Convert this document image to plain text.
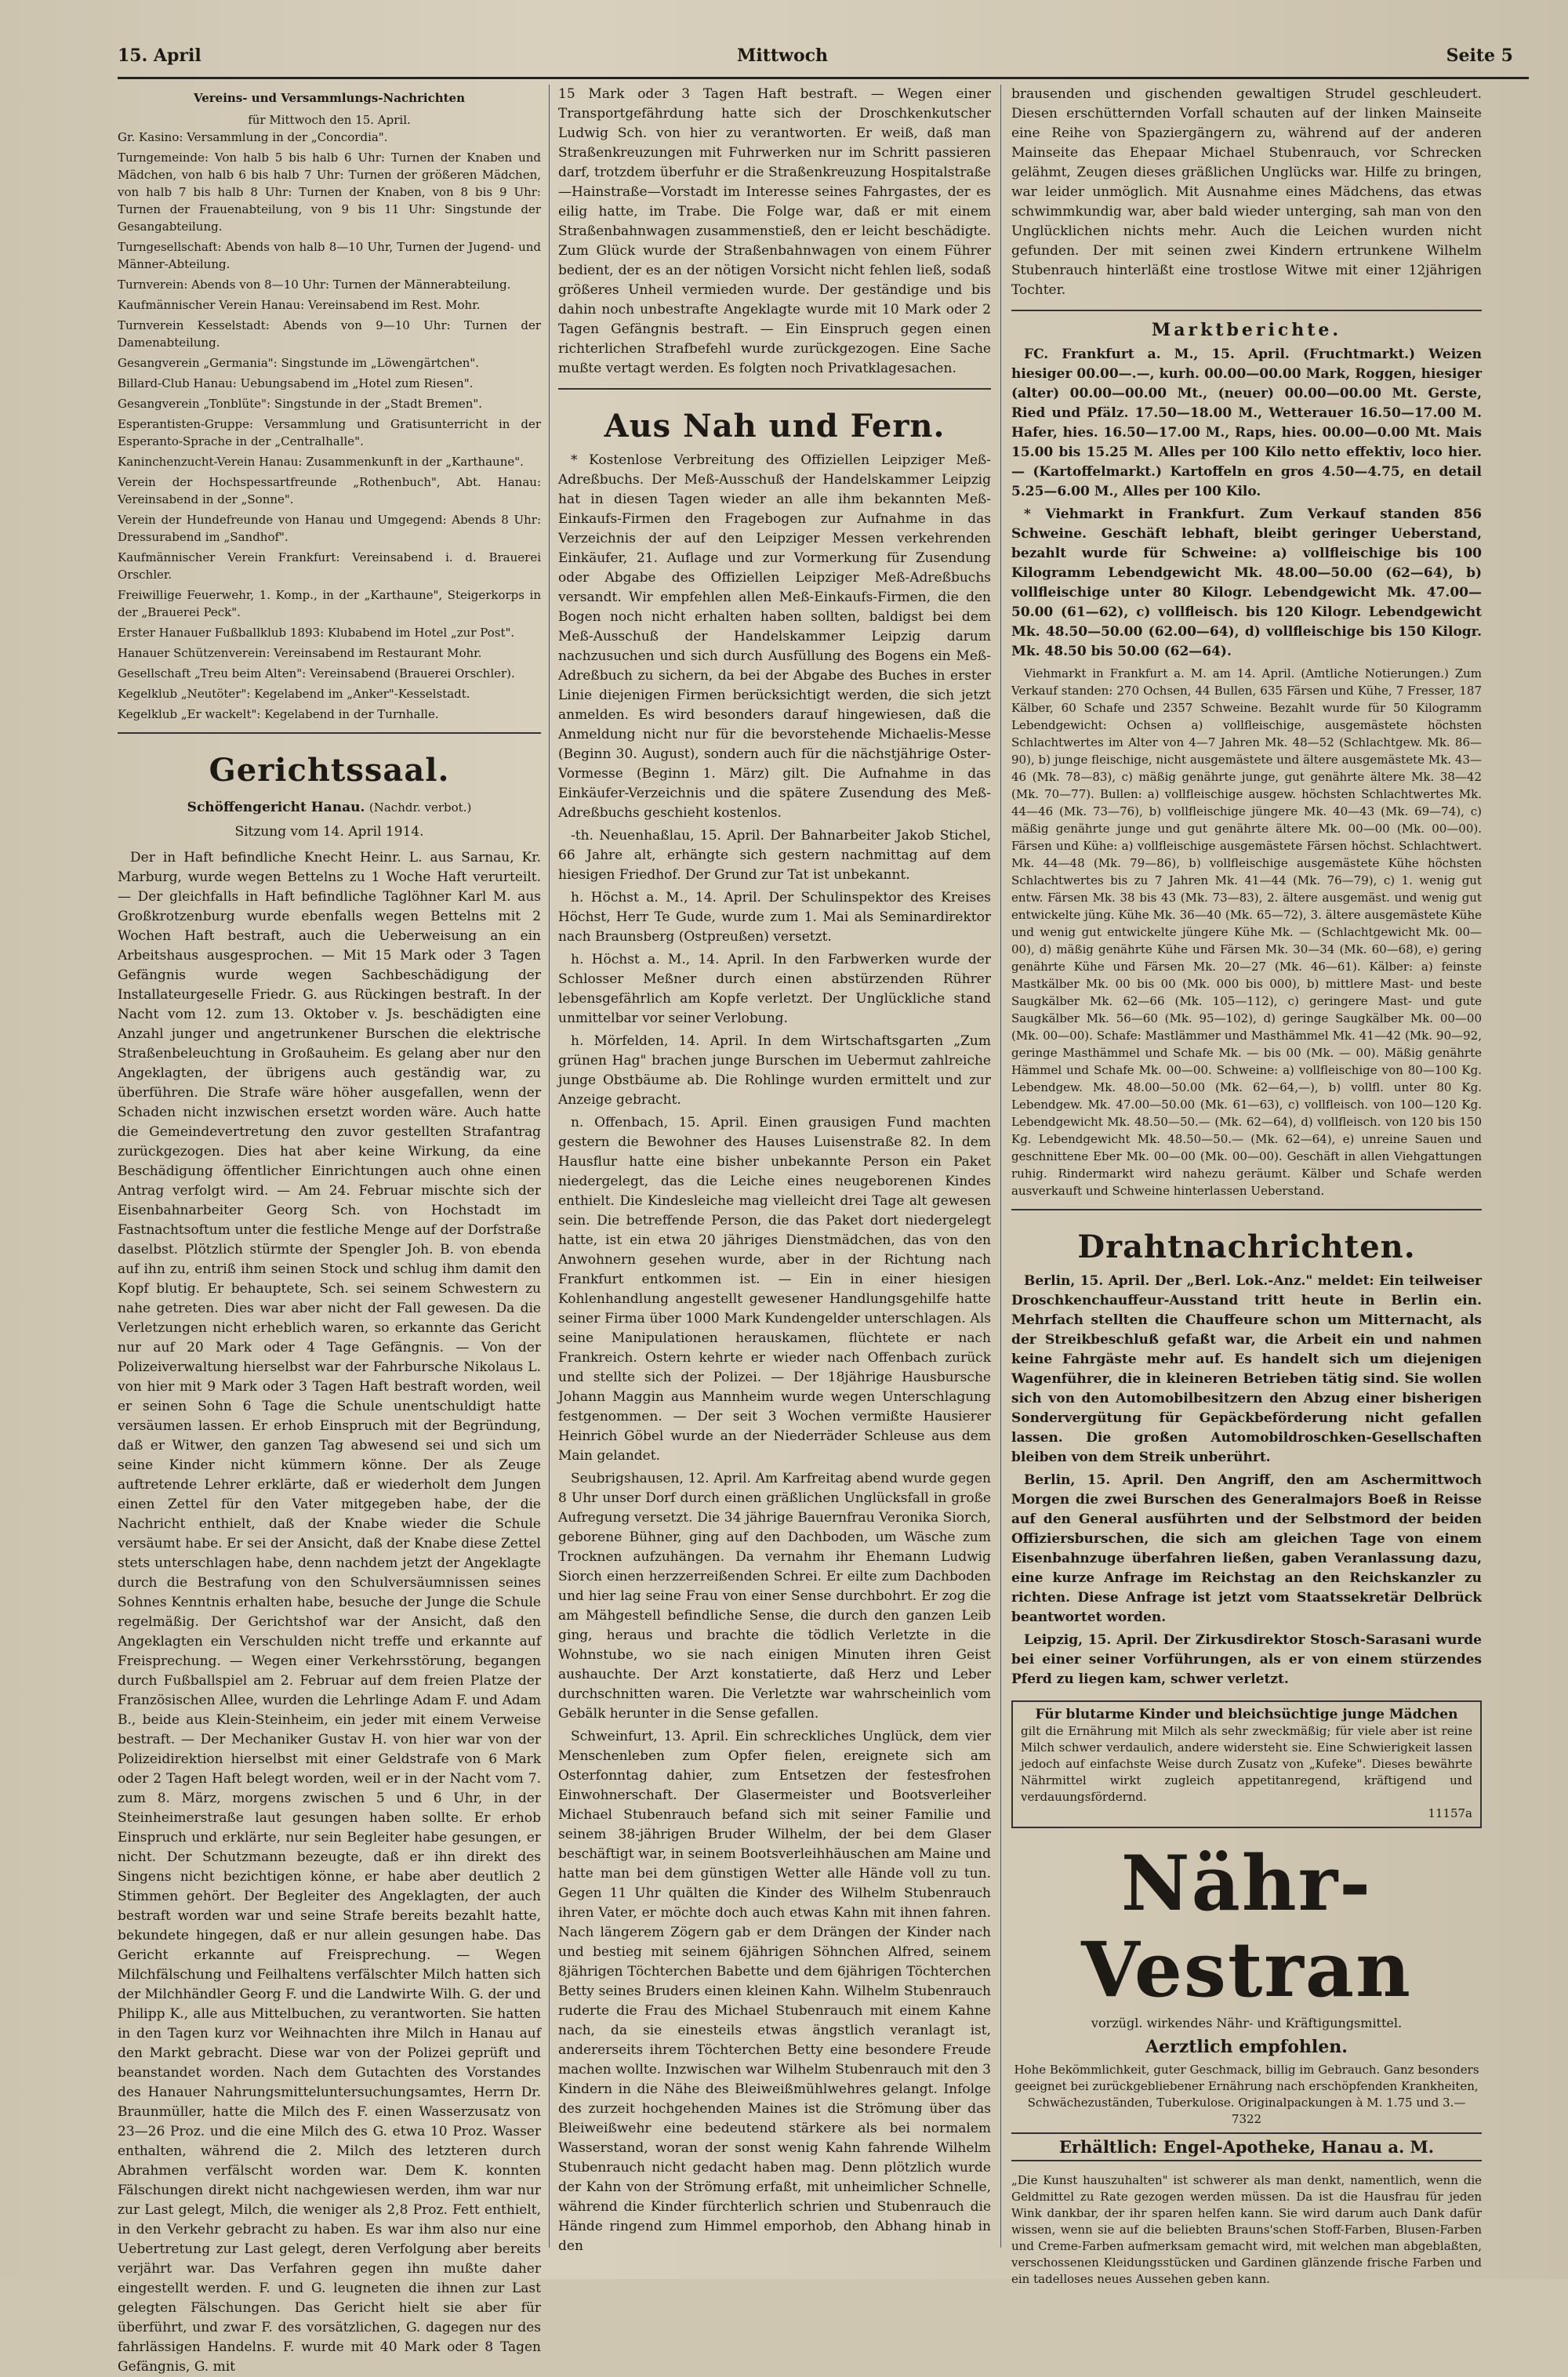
15. April	Mittwoch	Seite 5
Vereins- und Versammlungs-Nachrichten
für Mittwoch den 15. April.

Gr. Kasino: Versammlung in der „Concordia".

Turngemeinde: Von halb 5 bis halb 6 Uhr: Turnen der Knaben und Mädchen, von halb 6 bis halb 7 Uhr: Turnen der größeren Mädchen, von halb 7 bis halb 8 Uhr: Turnen der Knaben, von 8 bis 9 Uhr: Turnen der Frauenabteilung, von 9 bis 11 Uhr: Singstunde der Gesangabteilung.

Turngesellschaft: Abends von halb 8—10 Uhr, Turnen der Jugend- und Männer-Abteilung.

Turnverein: Abends von 8—10 Uhr: Turnen der Männerabteilung.

Kaufmännischer Verein Hanau: Vereinsabend im Rest. Mohr.

Turnverein Kesselstadt: Abends von 9—10 Uhr: Turnen der Damenabteilung.

Gesangverein „Germania": Singstunde im „Löwengärtchen".

Billard-Club Hanau: Uebungsabend im „Hotel zum Riesen".

Gesangverein „Tonblüte": Singstunde in der „Stadt Bremen".

Esperantisten-Gruppe: Versammlung und Gratisunterricht in der Esperanto-Sprache in der „Centralhalle".

Kaninchenzucht-Verein Hanau: Zusammenkunft in der „Karthaune".

Verein der Hochspessartfreunde „Rothenbuch", Abt. Hanau: Vereinsabend in der „Sonne".

Verein der Hundefreunde von Hanau und Umgegend: Abends 8 Uhr: Dressurabend im „Sandhof".

Kaufmännischer Verein Frankfurt: Vereinsabend i. d. Brauerei Orschler.

Freiwillige Feuerwehr, 1. Komp., in der „Karthaune", Steigerkorps in der „Brauerei Peck".

Erster Hanauer Fußballklub 1893: Klubabend im Hotel „zur Post".

Hanauer Schützenverein: Vereinsabend im Restaurant Mohr.

Gesellschaft „Treu beim Alten": Vereinsabend (Brauerei Orschler).

Kegelklub „Neutöter": Kegelabend im „Anker"-Kesselstadt.

Kegelklub „Er wackelt": Kegelabend in der Turnhalle.

Gerichtssaal.
Schöffengericht Hanau. (Nachdr. verbot.)
Sitzung vom 14. April 1914.

Der in Haft befindliche Knecht Heinr. L. aus Sarnau, Kr. Marburg, wurde wegen Bettelns zu 1 Woche Haft verurteilt. — Der gleichfalls in Haft befindliche Taglöhner Karl M. aus Großkrotzenburg wurde ebenfalls wegen Bettelns mit 2 Wochen Haft bestraft, auch die Ueberweisung an ein Arbeitshaus ausgesprochen. — Mit 15 Mark oder 3 Tagen Gefängnis wurde wegen Sachbeschädigung der Installateurgeselle Friedr. G. aus Rückingen bestraft. In der Nacht vom 12. zum 13. Oktober v. Js. beschädigten eine Anzahl junger und angetrunkener Burschen die elektrische Straßenbeleuchtung in Großauheim. Es gelang aber nur den Angeklagten, der übrigens auch geständig war, zu überführen. Die Strafe wäre höher ausgefallen, wenn der Schaden nicht inzwischen ersetzt worden wäre. Auch hatte die Gemeindevertretung den zuvor gestellten Strafantrag zurückgezogen. Dies hat aber keine Wirkung, da eine Beschädigung öffentlicher Einrichtungen auch ohne einen Antrag verfolgt wird. — Am 24. Februar mischte sich der Eisenbahnarbeiter Georg Sch. von Hochstadt im Fastnachtsoftum unter die festliche Menge auf der Dorfstraße daselbst. Plötzlich stürmte der Spengler Joh. B. von ebenda auf ihn zu, entriß ihm seinen Stock und schlug ihm damit den Kopf blutig. Er behauptete, Sch. sei seinem Schwestern zu nahe getreten. Dies war aber nicht der Fall gewesen. Da die Verletzungen nicht erheblich waren, so erkannte das Gericht nur auf 20 Mark oder 4 Tage Gefängnis. — Von der Polizeiverwaltung hierselbst war der Fahrbursche Nikolaus L. von hier mit 9 Mark oder 3 Tagen Haft bestraft worden, weil er seinen Sohn 6 Tage die Schule unentschuldigt hatte versäumen lassen. Er erhob Einspruch mit der Begründung, daß er Witwer, den ganzen Tag abwesend sei und sich um seine Kinder nicht kümmern könne. Der als Zeuge auftretende Lehrer erklärte, daß er wiederholt dem Jungen einen Zettel für den Vater mitgegeben habe, der die Nachricht enthielt, daß der Knabe wieder die Schule versäumt habe. Er sei der Ansicht, daß der Knabe diese Zettel stets unterschlagen habe, denn nachdem jetzt der Angeklagte durch die Bestrafung von den Schulversäumnissen seines Sohnes Kenntnis erhalten habe, besuche der Junge die Schule regelmäßig. Der Gerichtshof war der Ansicht, daß den Angeklagten ein Verschulden nicht treffe und erkannte auf Freisprechung. — Wegen einer Verkehrsstörung, begangen durch Fußballspiel am 2. Februar auf dem freien Platze der Französischen Allee, wurden die Lehrlinge Adam F. und Adam B., beide aus Klein-Steinheim, ein jeder mit einem Verweise bestraft. — Der Mechaniker Gustav H. von hier war von der Polizeidirektion hierselbst mit einer Geldstrafe von 6 Mark oder 2 Tagen Haft belegt worden, weil er in der Nacht vom 7. zum 8. März, morgens zwischen 5 und 6 Uhr, in der Steinheimerstraße laut gesungen haben sollte. Er erhob Einspruch und erklärte, nur sein Begleiter habe gesungen, er nicht. Der Schutzmann bezeugte, daß er ihn direkt des Singens nicht bezichtigen könne, er habe aber deutlich 2 Stimmen gehört. Der Begleiter des Angeklagten, der auch bestraft worden war und seine Strafe bereits bezahlt hatte, bekundete hingegen, daß er nur allein gesungen habe. Das Gericht erkannte auf Freisprechung. — Wegen Milchfälschung und Feilhaltens verfälschter Milch hatten sich der Milchhändler Georg F. und die Landwirte Wilh. G. der und Philipp K., alle aus Mittelbuchen, zu verantworten. Sie hatten in den Tagen kurz vor Weihnachten ihre Milch in Hanau auf den Markt gebracht. Diese war von der Polizei geprüft und beanstandet worden. Nach dem Gutachten des Vorstandes des Hanauer Nahrungsmitteluntersuchungsamtes, Herrn Dr. Braunmüller, hatte die Milch des F. einen Wasserzusatz von 23—26 Proz. und die eine Milch des G. etwa 10 Proz. Wasser enthalten, während die 2. Milch des letzteren durch Abrahmen verfälscht worden war. Dem K. konnten Fälschungen direkt nicht nachgewiesen werden, ihm war nur zur Last gelegt, Milch, die weniger als 2,8 Proz. Fett enthielt, in den Verkehr gebracht zu haben. Es war ihm also nur eine Uebertretung zur Last gelegt, deren Verfolgung aber bereits verjährt war. Das Verfahren gegen ihn mußte daher eingestellt werden. F. und G. leugneten die ihnen zur Last gelegten Fälschungen. Das Gericht hielt sie aber für überführt, und zwar F. des vorsätzlichen, G. dagegen nur des fahrlässigen Handelns. F. wurde mit 40 Mark oder 8 Tagen Gefängnis, G. mit

15 Mark oder 3 Tagen Haft bestraft. — Wegen einer Transportgefährdung hatte sich der Droschkenkutscher Ludwig Sch. von hier zu verantworten. Er weiß, daß man Straßenkreuzungen mit Fuhrwerken nur im Schritt passieren darf, trotzdem überfuhr er die Straßenkreuzung Hospitalstraße—Hainstraße—Vorstadt im Interesse seines Fahrgastes, der es eilig hatte, im Trabe. Die Folge war, daß er mit einem Straßenbahnwagen zusammenstieß, den er leicht beschädigte. Zum Glück wurde der Straßenbahnwagen von einem Führer bedient, der es an der nötigen Vorsicht nicht fehlen ließ, sodaß größeres Unheil vermieden wurde. Der geständige und bis dahin noch unbestrafte Angeklagte wurde mit 10 Mark oder 2 Tagen Gefängnis bestraft. — Ein Einspruch gegen einen richterlichen Strafbefehl wurde zurückgezogen. Eine Sache mußte vertagt werden. Es folgten noch Privatklagesachen.

Aus Nah und Fern.

* Kostenlose Verbreitung des Offiziellen Leipziger Meß-Adreßbuchs. Der Meß-Ausschuß der Handelskammer Leipzig hat in diesen Tagen wieder an alle ihm bekannten Meß-Einkaufs-Firmen den Fragebogen zur Aufnahme in das Verzeichnis der auf den Leipziger Messen verkehrenden Einkäufer, 21. Auflage und zur Vormerkung für Zusendung oder Abgabe des Offiziellen Leipziger Meß-Adreßbuchs versandt. Wir empfehlen allen Meß-Einkaufs-Firmen, die den Bogen noch nicht erhalten haben sollten, baldigst bei dem Meß-Ausschuß der Handelskammer Leipzig darum nachzusuchen und sich durch Ausfüllung des Bogens ein Meß-Adreßbuch zu sichern, da bei der Abgabe des Buches in erster Linie diejenigen Firmen berücksichtigt werden, die sich jetzt anmelden. Es wird besonders darauf hingewiesen, daß die Anmeldung nicht nur für die bevorstehende Michaelis-Messe (Beginn 30. August), sondern auch für die nächstjährige Oster-Vormesse (Beginn 1. März) gilt. Die Aufnahme in das Einkäufer-Verzeichnis und die spätere Zusendung des Meß-Adreßbuchs geschieht kostenlos.

-th. Neuenhaßlau, 15. April. Der Bahnarbeiter Jakob Stichel, 66 Jahre alt, erhängte sich gestern nachmittag auf dem hiesigen Friedhof. Der Grund zur Tat ist unbekannt.

h. Höchst a. M., 14. April. Der Schulinspektor des Kreises Höchst, Herr Te Gude, wurde zum 1. Mai als Seminardirektor nach Braunsberg (Ostpreußen) versetzt.

h. Höchst a. M., 14. April. In den Farbwerken wurde der Schlosser Meßner durch einen abstürzenden Rührer lebensgefährlich am Kopfe verletzt. Der Unglückliche stand unmittelbar vor seiner Verlobung.

h. Mörfelden, 14. April. In dem Wirtschaftsgarten „Zum grünen Hag" brachen junge Burschen im Uebermut zahlreiche junge Obstbäume ab. Die Rohlinge wurden ermittelt und zur Anzeige gebracht.

n. Offenbach, 15. April. Einen grausigen Fund machten gestern die Bewohner des Hauses Luisenstraße 82. In dem Hausflur hatte eine bisher unbekannte Person ein Paket niedergelegt, das die Leiche eines neugeborenen Kindes enthielt. Die Kindesleiche mag vielleicht drei Tage alt gewesen sein. Die betreffende Person, die das Paket dort niedergelegt hatte, ist ein etwa 20 jähriges Dienstmädchen, das von den Anwohnern gesehen wurde, aber in der Richtung nach Frankfurt entkommen ist. — Ein in einer hiesigen Kohlenhandlung angestellt gewesener Handlungsgehilfe hatte seiner Firma über 1000 Mark Kundengelder unterschlagen. Als seine Manipulationen herauskamen, flüchtete er nach Frankreich. Ostern kehrte er wieder nach Offenbach zurück und stellte sich der Polizei. — Der 18jährige Hausbursche Johann Maggin aus Mannheim wurde wegen Unterschlagung festgenommen. — Der seit 3 Wochen vermißte Hausierer Heinrich Göbel wurde an der Niederräder Schleuse aus dem Main gelandet.

Seubrigshausen, 12. April. Am Karfreitag abend wurde gegen 8 Uhr unser Dorf durch einen gräßlichen Unglücksfall in große Aufregung versetzt. Die 34 jährige Bauernfrau Veronika Siorch, geborene Bühner, ging auf den Dachboden, um Wäsche zum Trocknen aufzuhängen. Da vernahm ihr Ehemann Ludwig Siorch einen herzzerreißenden Schrei. Er eilte zum Dachboden und hier lag seine Frau von einer Sense durchbohrt. Er zog die am Mähgestell befindliche Sense, die durch den ganzen Leib ging, heraus und brachte die tödlich Verletzte in die Wohnstube, wo sie nach einigen Minuten ihren Geist aushauchte. Der Arzt konstatierte, daß Herz und Leber durchschnitten waren. Die Verletzte war wahrscheinlich vom Gebälk herunter in die Sense gefallen.

Schweinfurt, 13. April. Ein schreckliches Unglück, dem vier Menschenleben zum Opfer fielen, ereignete sich am Osterfonntag dahier, zum Entsetzen der festesfrohen Einwohnerschaft. Der Glasermeister und Bootsverleiher Michael Stubenrauch befand sich mit seiner Familie und seinem 38-jährigen Bruder Wilhelm, der bei dem Glaser beschäftigt war, in seinem Bootsverleihhäuschen am Maine und hatte man bei dem günstigen Wetter alle Hände voll zu tun. Gegen 11 Uhr quälten die Kinder des Wilhelm Stubenrauch ihren Vater, er möchte doch auch etwas Kahn mit ihnen fahren. Nach längerem Zögern gab er dem Drängen der Kinder nach und bestieg mit seinem 6jährigen Söhnchen Alfred, seinem 8jährigen Töchterchen Babette und dem 6jährigen Töchterchen Betty seines Bruders einen kleinen Kahn. Wilhelm Stubenrauch ruderte die Frau des Michael Stubenrauch mit einem Kahne nach, da sie einesteils etwas ängstlich veranlagt ist, andererseits ihrem Töchterchen Betty eine besondere Freude machen wollte. Inzwischen war Wilhelm Stubenrauch mit den 3 Kindern in die Nähe des Bleiweißmühlwehres gelangt. Infolge des zurzeit hochgehenden Maines ist die Strömung über das Bleiweißwehr eine bedeutend stärkere als bei normalem Wasserstand, woran der sonst wenig Kahn fahrende Wilhelm Stubenrauch nicht gedacht haben mag. Denn plötzlich wurde der Kahn von der Strömung erfaßt, mit unheimlicher Schnelle, während die Kinder fürchterlich schrien und Stubenrauch die Hände ringend zum Himmel emporhob, den Abhang hinab in den

brausenden und gischenden gewaltigen Strudel geschleudert. Diesen erschütternden Vorfall schauten auf der linken Mainseite eine Reihe von Spaziergängern zu, während auf der anderen Mainseite das Ehepaar Michael Stubenrauch, vor Schrecken gelähmt, Zeugen dieses gräßlichen Unglücks war. Hilfe zu bringen, war leider unmöglich. Mit Ausnahme eines Mädchens, das etwas schwimmkundig war, aber bald wieder unterging, sah man von den Unglücklichen nichts mehr. Auch die Leichen wurden nicht gefunden. Der mit seinen zwei Kindern ertrunkene Wilhelm Stubenrauch hinterläßt eine trostlose Witwe mit einer 12jährigen Tochter.

Marktberichte.

FC. Frankfurt a. M., 15. April. (Fruchtmarkt.) Weizen hiesiger 00.00—.—, kurh. 00.00—00.00 Mark, Roggen, hiesiger (alter) 00.00—00.00 Mt., (neuer) 00.00—00.00 Mt. Gerste, Ried und Pfälz. 17.50—18.00 M., Wetterauer 16.50—17.00 M. Hafer, hies. 16.50—17.00 M., Raps, hies. 00.00—0.00 Mt. Mais 15.00 bis 15.25 M. Alles per 100 Kilo netto effektiv, loco hier. — (Kartoffelmarkt.) Kartoffeln en gros 4.50—4.75, en detail 5.25—6.00 M., Alles per 100 Kilo.

* Viehmarkt in Frankfurt. Zum Verkauf standen 856 Schweine. Geschäft lebhaft, bleibt geringer Ueberstand, bezahlt wurde für Schweine: a) vollfleischige bis 100 Kilogramm Lebendgewicht Mk. 48.00—50.00 (62—64), b) vollfleischige unter 80 Kilogr. Lebendgewicht Mk. 47.00—50.00 (61—62), c) vollfleisch. bis 120 Kilogr. Lebendgewicht Mk. 48.50—50.00 (62.00—64), d) vollfleischige bis 150 Kilogr. Mk. 48.50 bis 50.00 (62—64).

Viehmarkt in Frankfurt a. M. am 14. April. (Amtliche Notierungen.) Zum Verkauf standen: 270 Ochsen, 44 Bullen, 635 Färsen und Kühe, 7 Fresser, 187 Kälber, 60 Schafe und 2357 Schweine. Bezahlt wurde für 50 Kilogramm Lebendgewicht: Ochsen a) vollfleischige, ausgemästete höchsten Schlachtwertes im Alter von 4—7 Jahren Mk. 48—52 (Schlachtgew. Mk. 86—90), b) junge fleischige, nicht ausgemästete und ältere ausgemästete Mk. 43—46 (Mk. 78—83), c) mäßig genährte junge, gut genährte ältere Mk. 38—42 (Mk. 70—77). Bullen: a) vollfleischige ausgew. höchsten Schlachtwertes Mk. 44—46 (Mk. 73—76), b) vollfleischige jüngere Mk. 40—43 (Mk. 69—74), c) mäßig genährte junge und gut genährte ältere Mk. 00—00 (Mk. 00—00). Färsen und Kühe: a) vollfleischige ausgemästete Färsen höchst. Schlachtwert. Mk. 44—48 (Mk. 79—86), b) vollfleischige ausgemästete Kühe höchsten Schlachtwertes bis zu 7 Jahren Mk. 41—44 (Mk. 76—79), c) 1. wenig gut entw. Färsen Mk. 38 bis 43 (Mk. 73—83), 2. ältere ausgemäst. und wenig gut entwickelte jüng. Kühe Mk. 36—40 (Mk. 65—72), 3. ältere ausgemästete Kühe und wenig gut entwickelte jüngere Kühe Mk. — (Schlachtgewicht Mk. 00—00), d) mäßig genährte Kühe und Färsen Mk. 30—34 (Mk. 60—68), e) gering genährte Kühe und Färsen Mk. 20—27 (Mk. 46—61). Kälber: a) feinste Mastkälber Mk. 00 bis 00 (Mk. 000 bis 000), b) mittlere Mast- und beste Saugkälber Mk. 62—66 (Mk. 105—112), c) geringere Mast- und gute Saugkälber Mk. 56—60 (Mk. 95—102), d) geringe Saugkälber Mk. 00—00 (Mk. 00—00). Schafe: Mastlämmer und Masthämmel Mk. 41—42 (Mk. 90—92, geringe Masthämmel und Schafe Mk. — bis 00 (Mk. — 00). Mäßig genährte Hämmel und Schafe Mk. 00—00. Schweine: a) vollfleischige von 80—100 Kg. Lebendgew. Mk. 48.00—50.00 (Mk. 62—64,—), b) vollfl. unter 80 Kg. Lebendgew. Mk. 47.00—50.00 (Mk. 61—63), c) vollfleisch. von 100—120 Kg. Lebendgewicht Mk. 48.50—50.— (Mk. 62—64), d) vollfleisch. von 120 bis 150 Kg. Lebendgewicht Mk. 48.50—50.— (Mk. 62—64), e) unreine Sauen und geschnittene Eber Mk. 00—00 (Mk. 00—00). Geschäft in allen Viehgattungen ruhig. Rindermarkt wird nahezu geräumt. Kälber und Schafe werden ausverkauft und Schweine hinterlassen Ueberstand.

Drahtnachrichten.

Berlin, 15. April. Der „Berl. Lok.-Anz." meldet: Ein teilweiser Droschkenchauffeur-Ausstand tritt heute in Berlin ein. Mehrfach stellten die Chauffeure schon um Mitternacht, als der Streikbeschluß gefaßt war, die Arbeit ein und nahmen keine Fahrgäste mehr auf. Es handelt sich um diejenigen Wagenführer, die in kleineren Betrieben tätig sind. Sie wollen sich von den Automobilbesitzern den Abzug einer bisherigen Sondervergütung für Gepäckbeförderung nicht gefallen lassen. Die großen Automobildroschken-Gesellschaften bleiben von dem Streik unberührt.

Berlin, 15. April. Den Angriff, den am Aschermittwoch Morgen die zwei Burschen des Generalmajors Boeß in Reisse auf den General ausführten und der Selbstmord der beiden Offiziersburschen, die sich am gleichen Tage von einem Eisenbahnzuge überfahren ließen, gaben Veranlassung dazu, eine kurze Anfrage im Reichstag an den Reichskanzler zu richten. Diese Anfrage ist jetzt vom Staatssekretär Delbrück beantwortet worden.

Leipzig, 15. April. Der Zirkusdirektor Stosch-Sarasani wurde bei einer seiner Vorführungen, als er von einem stürzendes Pferd zu liegen kam, schwer verletzt.

Für blutarme Kinder und bleichsüchtige junge Mädchen
gilt die Ernährung mit Milch als sehr zweckmäßig; für viele aber ist reine Milch schwer verdaulich, andere widersteht sie. Eine Schwierigkeit lassen jedoch auf einfachste Weise durch Zusatz von „Kufeke". Dieses bewährte Nährmittel wirkt zugleich appetitanregend, kräftigend und verdauungsfördernd.
11157a
Nähr-Vestran
vorzügl. wirkendes Nähr- und Kräftigungsmittel.
Aerztlich empfohlen.
Hohe Bekömmlichkeit, guter Geschmack, billig im Gebrauch. Ganz besonders geeignet bei zurückgebliebener Ernährung nach erschöpfenden Krankheiten, Schwächezuständen, Tuberkulose. Originalpackungen à M. 1.75 und 3.— 7322
Erhältlich: Engel-Apotheke, Hanau a. M.
„Die Kunst hauszuhalten" ist schwerer als man denkt, namentlich, wenn die Geldmittel zu Rate gezogen werden müssen. Da ist die Hausfrau für jeden Wink dankbar, der ihr sparen helfen kann. Sie wird darum auch Dank dafür wissen, wenn sie auf die beliebten Brauns'schen Stoff-Farben, Blusen-Farben und Creme-Farben aufmerksam gemacht wird, mit welchen man abgeblaßten, verschossenen Kleidungsstücken und Gardinen glänzende frische Farben und ein tadelloses neues Aussehen geben kann.
